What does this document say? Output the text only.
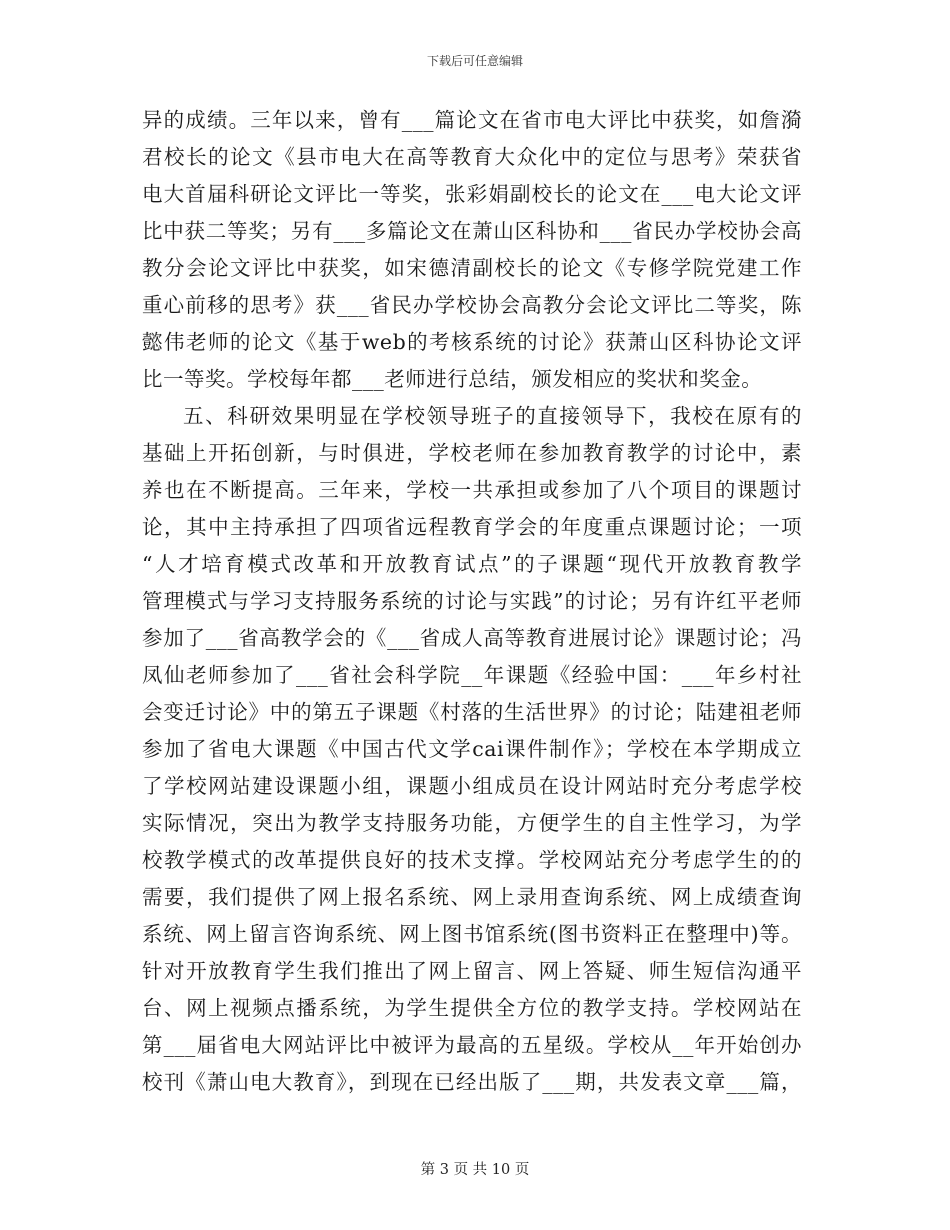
下载后可任意编辑
异的成绩。三年以来，曾有___篇论文在省市电大评比中获奖，如詹漪
君校长的论文《县市电大在高等教育大众化中的定位与思考》荣获省
电大首届科研论文评比一等奖，张彩娟副校长的论文在___电大论文评
比中获二等奖；另有___多篇论文在萧山区科协和___省民办学校协会高
教分会论文评比中获奖，如宋德清副校长的论文《专修学院党建工作
重心前移的思考》获___省民办学校协会高教分会论文评比二等奖，陈
懿伟老师的论文《基于web的考核系统的讨论》获萧山区科协论文评
比一等奖。学校每年都___老师进行总结，颁发相应的奖状和奖金。
五、科研效果明显在学校领导班子的直接领导下，我校在原有的
基础上开拓创新，与时俱进，学校老师在参加教育教学的讨论中，素
养也在不断提高。三年来，学校一共承担或参加了八个项目的课题讨
论，其中主持承担了四项省远程教育学会的年度重点课题讨论；一项
“人才培育模式改革和开放教育试点”的子课题“现代开放教育教学
管理模式与学习支持服务系统的讨论与实践”的讨论；另有许红平老师
参加了___省高教学会的《___省成人高等教育进展讨论》课题讨论；冯
凤仙老师参加了___省社会科学院__年课题《经验中国：___年乡村社
会变迁讨论》中的第五子课题《村落的生活世界》的讨论；陆建祖老师
参加了省电大课题《中国古代文学cai课件制作》；学校在本学期成立
了学校网站建设课题小组，课题小组成员在设计网站时充分考虑学校
实际情况，突出为教学支持服务功能，方便学生的自主性学习，为学
校教学模式的改革提供良好的技术支撑。学校网站充分考虑学生的的
需要，我们提供了网上报名系统、网上录用查询系统、网上成绩查询
系统、网上留言咨询系统、网上图书馆系统(图书资料正在整理中)等。
针对开放教育学生我们推出了网上留言、网上答疑、师生短信沟通平
台、网上视频点播系统，为学生提供全方位的教学支持。学校网站在
第___届省电大网站评比中被评为最高的五星级。学校从__年开始创办
校刊《萧山电大教育》，到现在已经出版了___期，共发表文章___篇，
第 3 页 共 10 页
